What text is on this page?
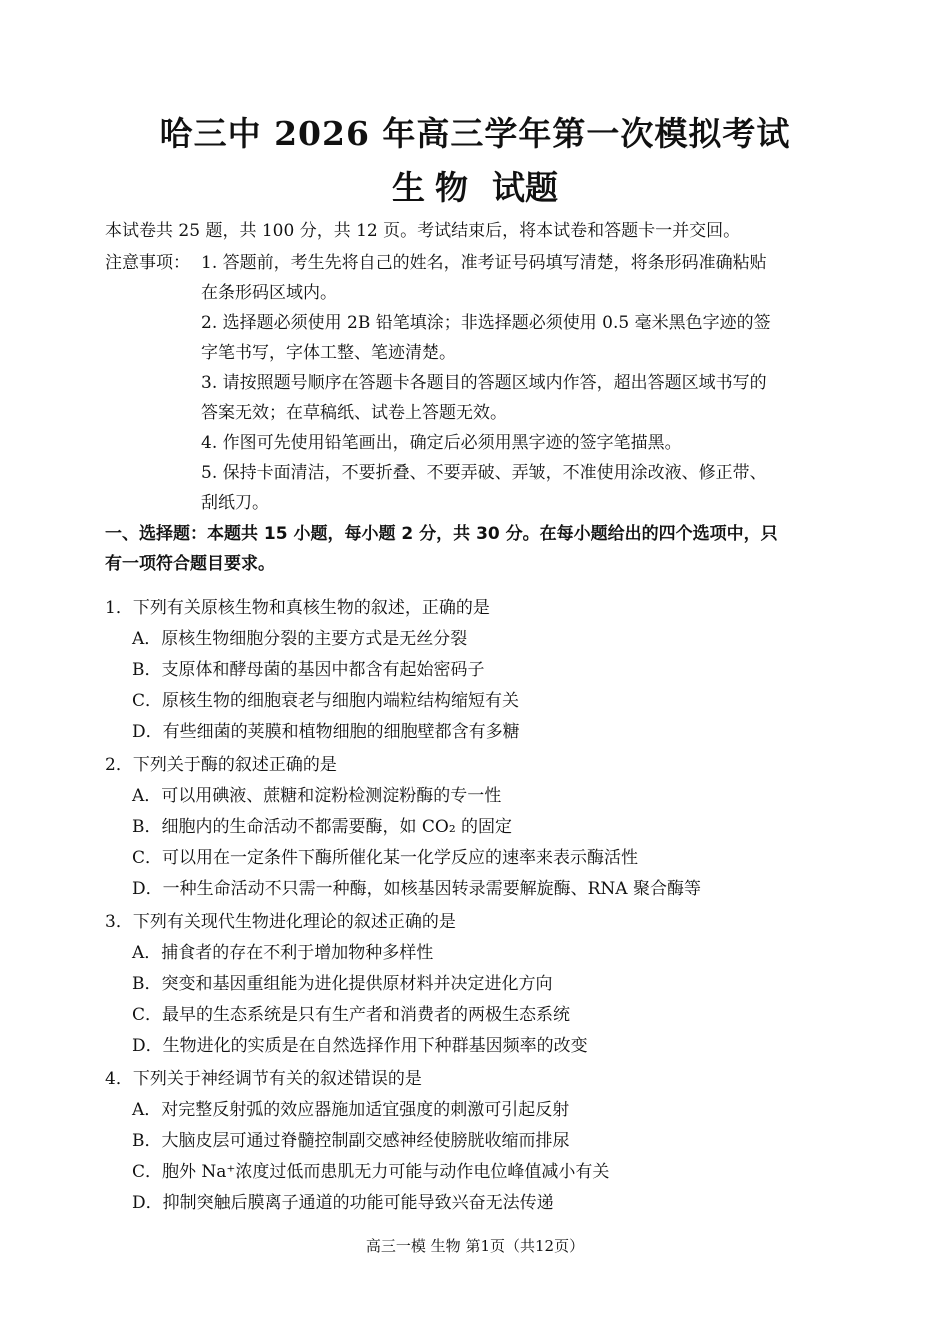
哈三中 2026 年高三学年第一次模拟考试
生物 试题
本试卷共 25 题，共 100 分，共 12 页。考试结束后，将本试卷和答题卡一并交回。
注意事项： 1. 答题前，考生先将自己的姓名，准考证号码填写清楚，将条形码准确粘贴
在条形码区域内。
2. 选择题必须使用 2B 铅笔填涂；非选择题必须使用 0.5 毫米黑色字迹的签
字笔书写，字体工整、笔迹清楚。
3. 请按照题号顺序在答题卡各题目的答题区域内作答，超出答题区域书写的
答案无效；在草稿纸、试卷上答题无效。
4. 作图可先使用铅笔画出，确定后必须用黑字迹的签字笔描黑。
5. 保持卡面清洁，不要折叠、不要弄破、弄皱，不准使用涂改液、修正带、
刮纸刀。
一、选择题：本题共 15 小题，每小题 2 分，共 30 分。在每小题给出的四个选项中，只
有一项符合题目要求。
1．下列有关原核生物和真核生物的叙述，正确的是
A．原核生物细胞分裂的主要方式是无丝分裂
B．支原体和酵母菌的基因中都含有起始密码子
C．原核生物的细胞衰老与细胞内端粒结构缩短有关
D．有些细菌的荚膜和植物细胞的细胞壁都含有多糖
2．下列关于酶的叙述正确的是
A．可以用碘液、蔗糖和淀粉检测淀粉酶的专一性
B．细胞内的生命活动不都需要酶，如 CO₂ 的固定
C．可以用在一定条件下酶所催化某一化学反应的速率来表示酶活性
D．一种生命活动不只需一种酶，如核基因转录需要解旋酶、RNA 聚合酶等
3．下列有关现代生物进化理论的叙述正确的是
A．捕食者的存在不利于增加物种多样性
B．突变和基因重组能为进化提供原材料并决定进化方向
C．最早的生态系统是只有生产者和消费者的两极生态系统
D．生物进化的实质是在自然选择作用下种群基因频率的改变
4．下列关于神经调节有关的叙述错误的是
A．对完整反射弧的效应器施加适宜强度的刺激可引起反射
B．大脑皮层可通过脊髓控制副交感神经使膀胱收缩而排尿
C．胞外 Na⁺浓度过低而患肌无力可能与动作电位峰值减小有关
D．抑制突触后膜离子通道的功能可能导致兴奋无法传递
高三一模 生物 第1页（共12页）
